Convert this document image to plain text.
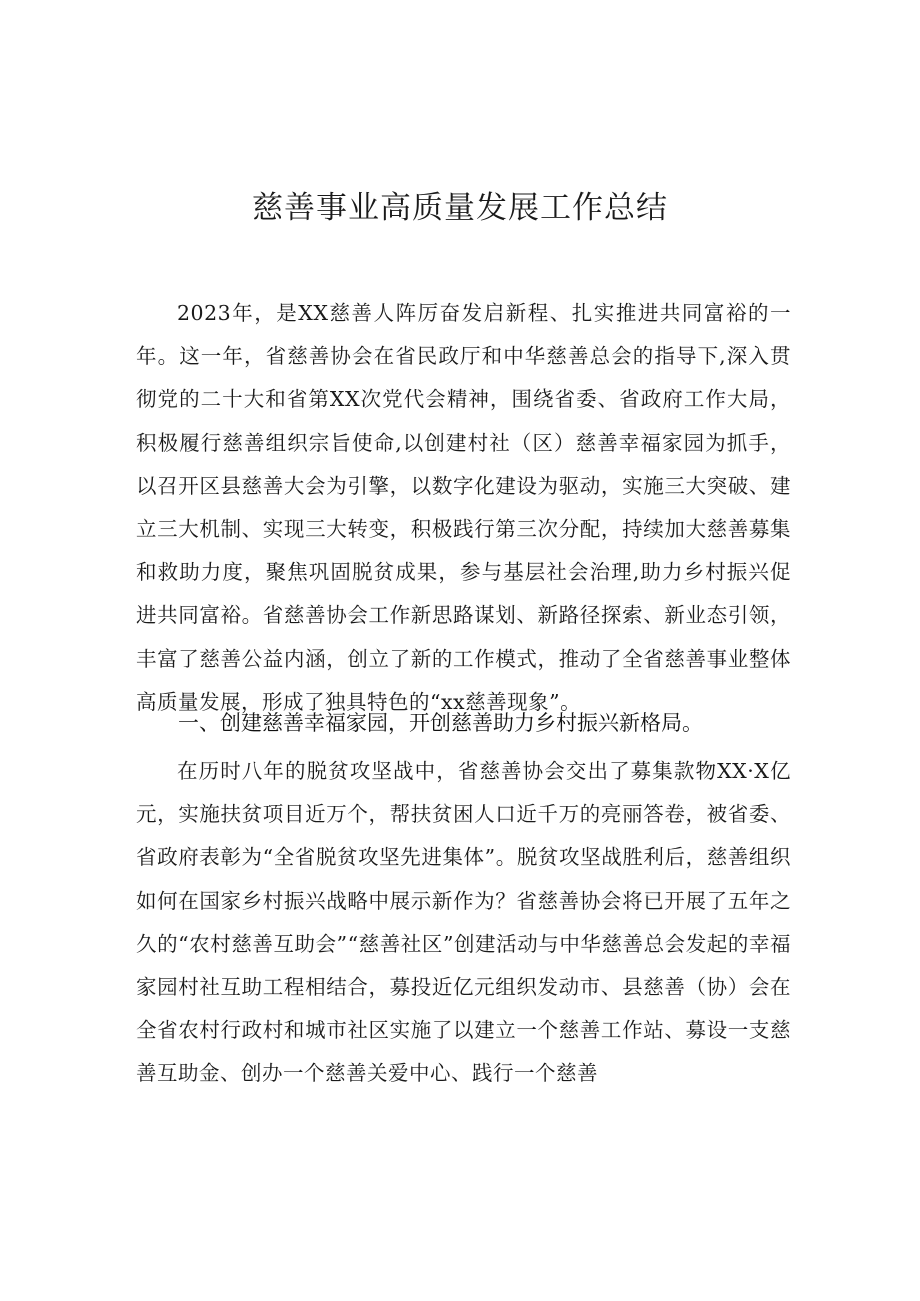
慈善事业高质量发展工作总结

2023年，是XX慈善人阵厉奋发启新程、扎实推进共同富裕的一年。这一年，省慈善协会在省民政厅和中华慈善总会的指导下,深入贯彻党的二十大和省第XX次党代会精神，围绕省委、省政府工作大局，积极履行慈善组织宗旨使命,以创建村社（区）慈善幸福家园为抓手，以召开区县慈善大会为引擎，以数字化建设为驱动，实施三大突破、建立三大机制、实现三大转变，积极践行第三次分配，持续加大慈善募集和救助力度，聚焦巩固脱贫成果，参与基层社会治理,助力乡村振兴促进共同富裕。省慈善协会工作新思路谋划、新路径探索、新业态引领，丰富了慈善公益内涵，创立了新的工作模式，推动了全省慈善事业整体高质量发展，形成了独具特色的“xx慈善现象”。

一、创建慈善幸福家园，开创慈善助力乡村振兴新格局。

在历时八年的脱贫攻坚战中，省慈善协会交出了募集款物XX·X亿元，实施扶贫项目近万个，帮扶贫困人口近千万的亮丽答卷，被省委、省政府表彰为“全省脱贫攻坚先进集体”。脱贫攻坚战胜利后，慈善组织如何在国家乡村振兴战略中展示新作为？省慈善协会将已开展了五年之久的“农村慈善互助会”“慈善社区”创建活动与中华慈善总会发起的幸福家园村社互助工程相结合，募投近亿元组织发动市、县慈善（协）会在全省农村行政村和城市社区实施了以建立一个慈善工作站、募设一支慈善互助金、创办一个慈善关爱中心、践行一个慈善
